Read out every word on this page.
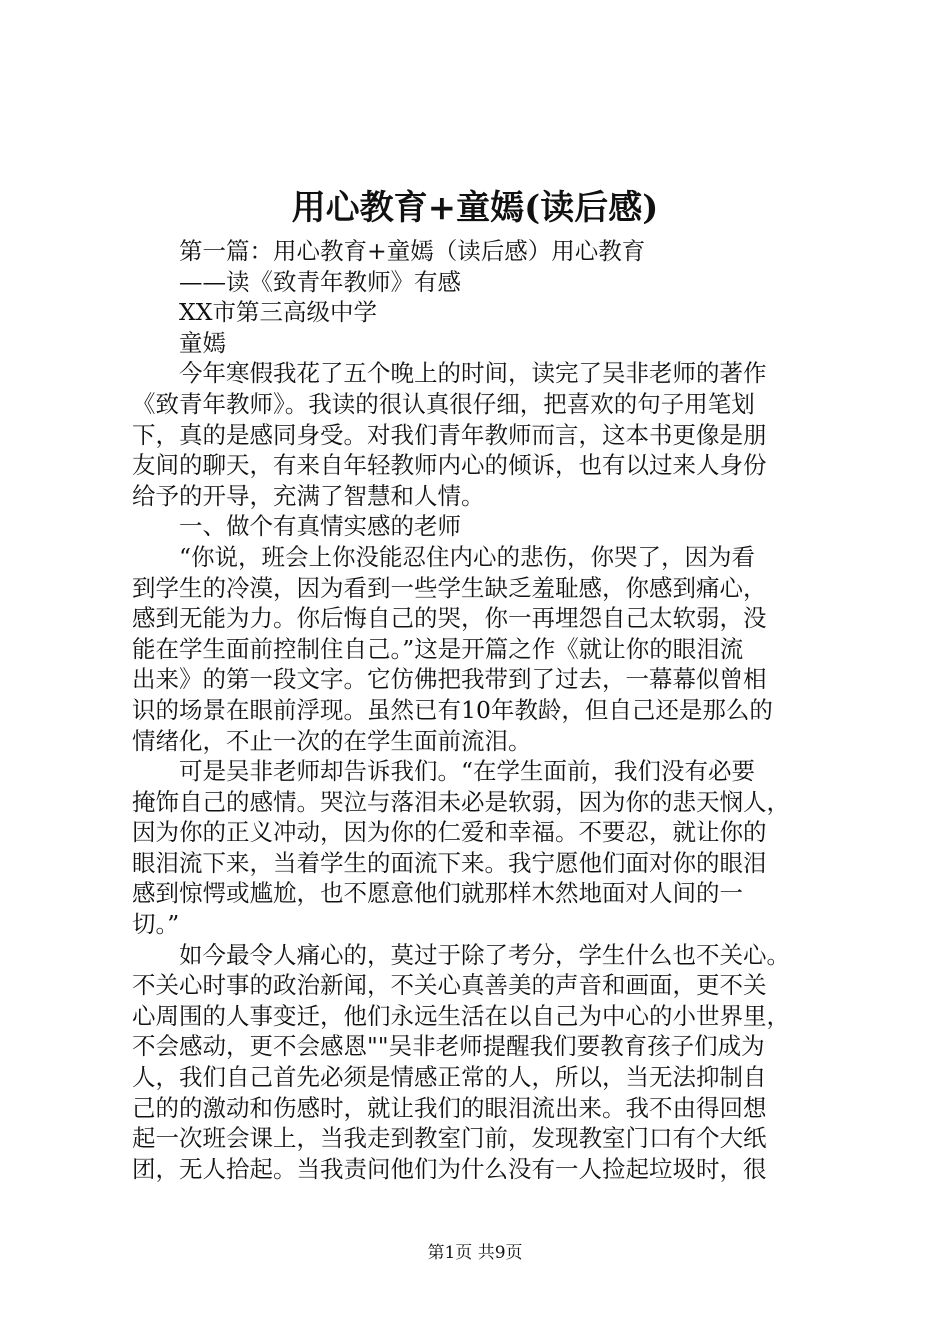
用心教育+童嫣(读后感)
第一篇：用心教育+童嫣（读后感）用心教育
——读《致青年教师》有感
XX市第三高级中学
童嫣
今年寒假我花了五个晚上的时间，读完了吴非老师的著作
《致青年教师》。我读的很认真很仔细，把喜欢的句子用笔划
下，真的是感同身受。对我们青年教师而言，这本书更像是朋
友间的聊天，有来自年轻教师内心的倾诉，也有以过来人身份
给予的开导，充满了智慧和人情。
一、做个有真情实感的老师
“你说，班会上你没能忍住内心的悲伤，你哭了，因为看
到学生的冷漠，因为看到一些学生缺乏羞耻感，你感到痛心，
感到无能为力。你后悔自己的哭，你一再埋怨自己太软弱，没
能在学生面前控制住自己。”这是开篇之作《就让你的眼泪流
出来》的第一段文字。它仿佛把我带到了过去，一幕幕似曾相
识的场景在眼前浮现。虽然已有10年教龄，但自己还是那么的
情绪化，不止一次的在学生面前流泪。
可是吴非老师却告诉我们。“在学生面前，我们没有必要
掩饰自己的感情。哭泣与落泪未必是软弱，因为你的悲天悯人，
因为你的正义冲动，因为你的仁爱和幸福。不要忍，就让你的
眼泪流下来，当着学生的面流下来。我宁愿他们面对你的眼泪
感到惊愕或尴尬，也不愿意他们就那样木然地面对人间的一
切。”
如今最令人痛心的，莫过于除了考分，学生什么也不关心。
不关心时事的政治新闻，不关心真善美的声音和画面，更不关
心周围的人事变迁，他们永远生活在以自己为中心的小世界里，
不会感动，更不会感恩""吴非老师提醒我们要教育孩子们成为
人，我们自己首先必须是情感正常的人，所以，当无法抑制自
己的的激动和伤感时，就让我们的眼泪流出来。我不由得回想
起一次班会课上，当我走到教室门前，发现教室门口有个大纸
团，无人拾起。当我责问他们为什么没有一人捡起垃圾时，很
第1页 共9页
